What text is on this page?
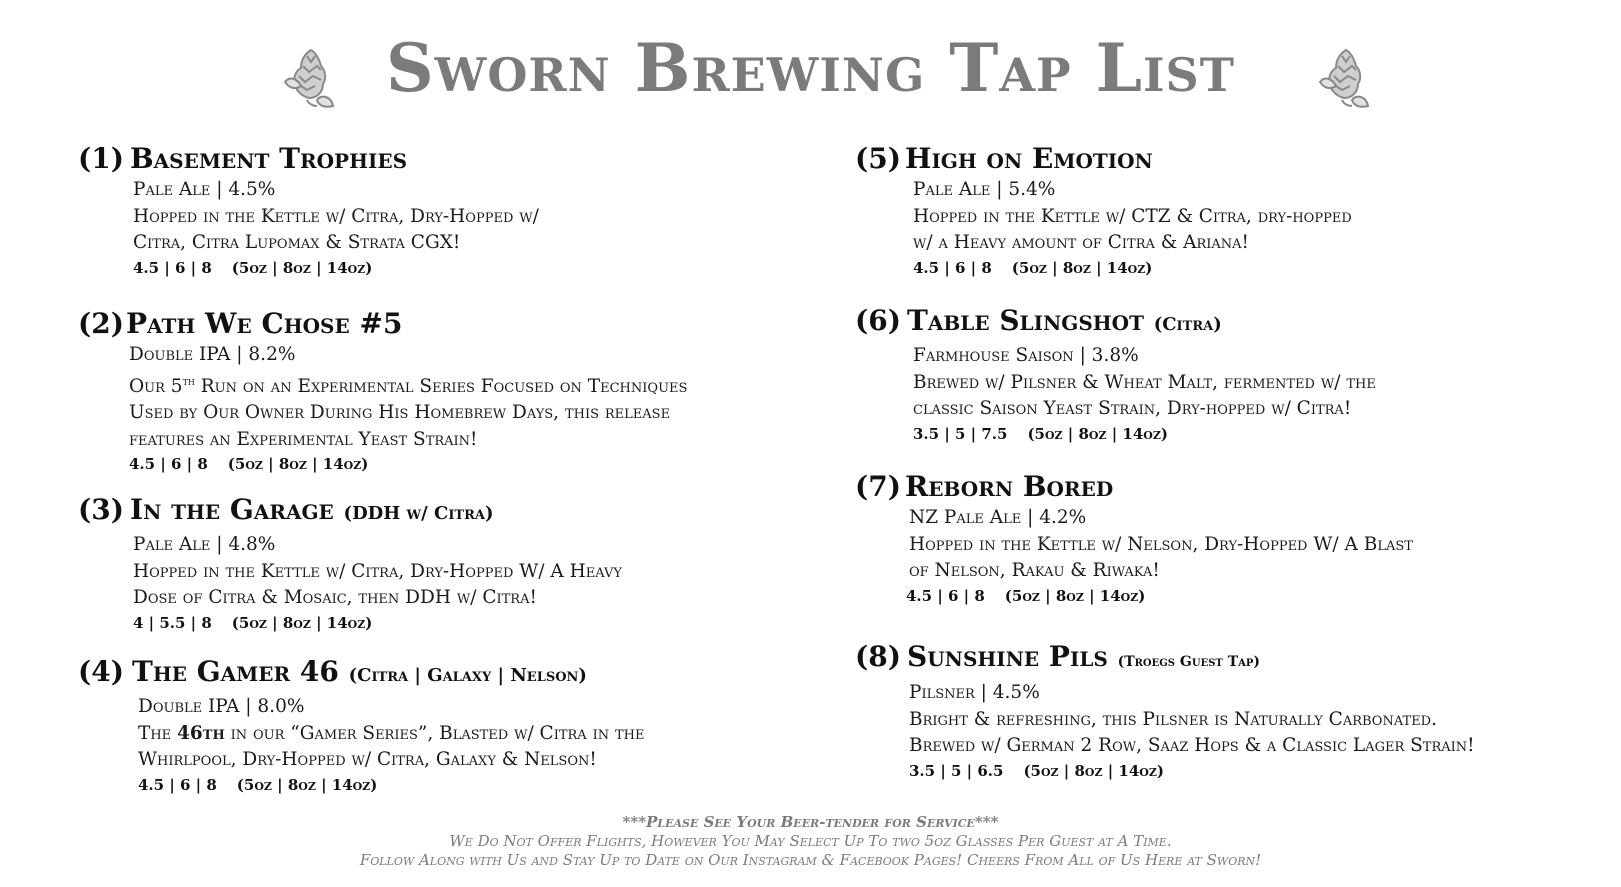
Sworn Brewing Tap List
(1) Basement Trophies
Pale Ale | 4.5%
Hopped in the Kettle w/ Citra, Dry-Hopped w/
Citra, Citra Lupomax & Strata CGX!
4.5 | 6 | 8 (5oz | 8oz | 14oz)
(2)Path We Chose #5
Double IPA | 8.2%
Our 5th Run on an Experimental Series Focused on Techniques
Used by Our Owner During His Homebrew Days, this release
features an Experimental Yeast Strain!
4.5 | 6 | 8 (5oz | 8oz | 14oz)
(3) In the Garage (DDH w/ Citra)
Pale Ale | 4.8%
Hopped in the Kettle w/ Citra, Dry-Hopped W/ A Heavy
Dose of Citra & Mosaic, then DDH w/ Citra!
4 | 5.5 | 8 (5oz | 8oz | 14oz)
(4) The Gamer 46 (Citra | Galaxy | Nelson)
Double IPA | 8.0%
The 46th in our “Gamer Series”, Blasted w/ Citra in the
Whirlpool, Dry-Hopped w/ Citra, Galaxy & Nelson!
4.5 | 6 | 8 (5oz | 8oz | 14oz)
(5) High on Emotion
Pale Ale | 5.4%
Hopped in the Kettle w/ CTZ & Citra, dry-hopped
w/ a Heavy amount of Citra & Ariana!
4.5 | 6 | 8 (5oz | 8oz | 14oz)
(6) Table Slingshot (Citra)
Farmhouse Saison | 3.8%
Brewed w/ Pilsner & Wheat Malt, fermented w/ the
classic Saison Yeast Strain, Dry-hopped w/ Citra!
3.5 | 5 | 7.5 (5oz | 8oz | 14oz)
(7) Reborn Bored
NZ Pale Ale | 4.2%
Hopped in the Kettle w/ Nelson, Dry-Hopped W/ A Blast
of Nelson, Rakau & Riwaka!
4.5 | 6 | 8 (5oz | 8oz | 14oz)
(8) Sunshine Pils (Troegs Guest Tap)
Pilsner | 4.5%
Bright & refreshing, this Pilsner is Naturally Carbonated.
Brewed w/ German 2 Row, Saaz Hops & a Classic Lager Strain!
3.5 | 5 | 6.5 (5oz | 8oz | 14oz)

***Please See Your Beer-tender for Service***

We Do Not Offer Flights, However You May Select Up To two 5oz Glasses Per Guest at A Time.

Follow Along with Us and Stay Up to Date on Our Instagram & Facebook Pages! Cheers From All of Us Here at Sworn!
